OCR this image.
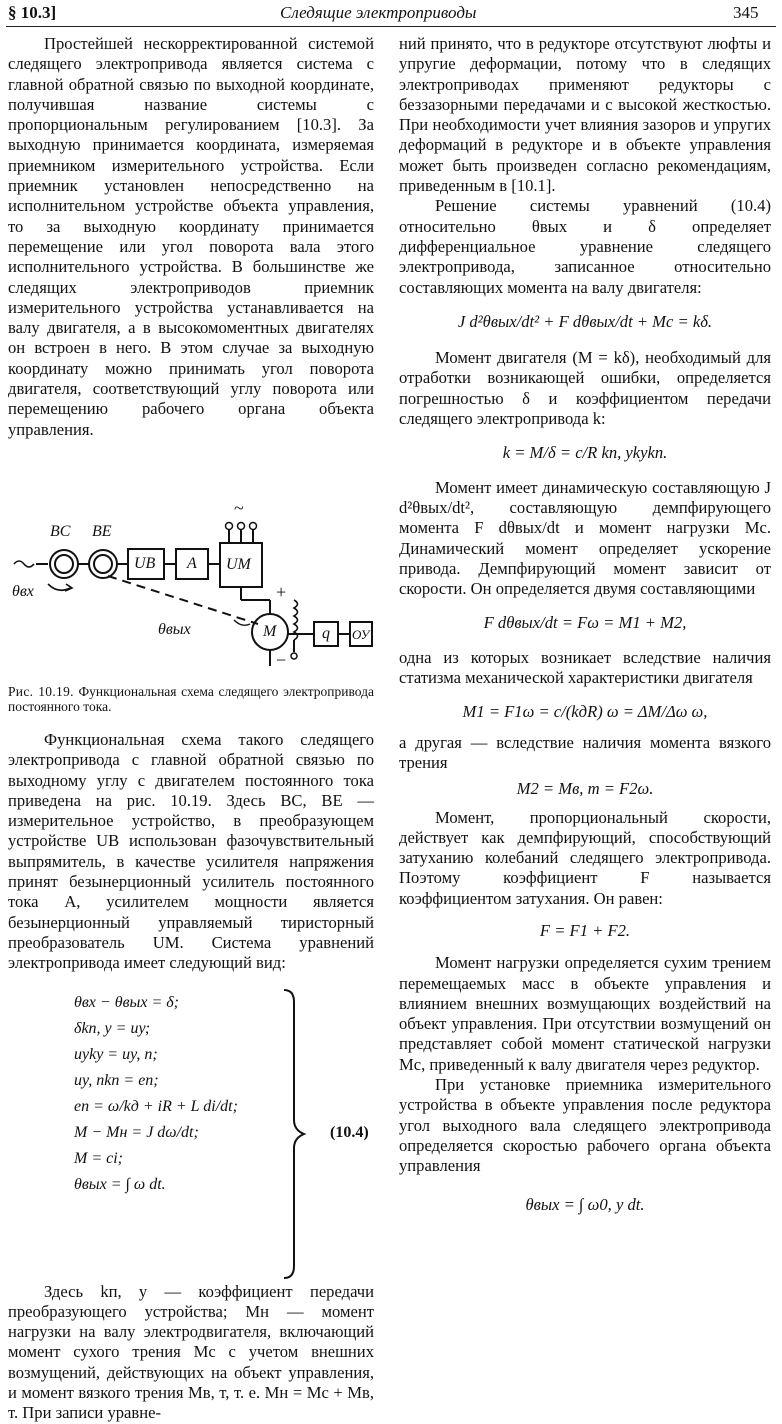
§ 10.3]	Следящие электроприводы	345

Простейшей нескорректированной системой следящего электропривода является система с главной обратной связью по выходной координате, получившая название системы с пропорциональным регулированием [10.3]. За выходную принимается координата, измеряемая приемником измерительного устройства. Если приемник установлен непосредственно на исполнительном устройстве объекта управления, то за выходную координату принимается перемещение или угол поворота вала этого исполнительного устройства. В большинстве же следящих электроприводов приемник измерительного устройства устанавливается на валу двигателя, а в высокомоментных двигателях он встроен в него. В этом случае за выходную координату можно принимать угол поворота двигателя, соответствующий углу поворота или перемещению рабочего органа объекта управления.

BC BE
UB A UM
~
M
+
−
q ОУ
θвх
θвых
Рис. 10.19. Функциональная схема следящего электропривода постоянного тока.

Функциональная схема такого следящего электропривода с главной обратной связью по выходному углу с двигателем постоянного тока приведена на рис. 10.19. Здесь BC, BE — измерительное устройство, в преобразующем устройстве UB использован фазочувствительный выпрямитель, в качестве усилителя напряжения принят безынерционный усилитель постоянного тока A, усилителем мощности является безынерционный управляемый тиристорный преобразователь UM. Система уравнений электропривода имеет следующий вид:

θвх − θвых = δ;
δkп, у = uу;
uуkу = uу, п;
uу, пkп = eп;
eп = ω/kд + iR + L di/dt;
M − Mн = J dω/dt;
M = ci;
θвых = ∫ ω dt.
(10.4)

Здесь kп, у — коэффициент передачи преобразующего устройства; Mн — момент нагрузки на валу электродвигателя, включающий момент сухого трения Mс с учетом внешних возмущений, действующих на объект управления, и момент вязкого трения Mв, т, т. е. Mн = Mс + Mв, т. При записи уравне-

ний принято, что в редукторе отсутствуют люфты и упругие деформации, потому что в следящих электроприводах применяют редукторы с беззазорными передачами и с высокой жесткостью. При необходимости учет влияния зазоров и упругих деформаций в редукторе и в объекте управления может быть произведен согласно рекомендациям, приведенным в [10.1].

Решение системы уравнений (10.4) относительно θвых и δ определяет дифференциальное уравнение следящего электропривода, записанное относительно составляющих момента на валу двигателя:

J d²θвых/dt² + F dθвых/dt + Mс = kδ.

Момент двигателя (M = kδ), необходимый для отработки возникающей ошибки, определяется погрешностью δ и коэффициентом передачи следящего электропривода k:

k = M/δ = c/R kп, уkуkп.

Момент имеет динамическую составляющую J d²θвых/dt², составляющую демпфирующего момента F dθвых/dt и момент нагрузки Mс. Динамический момент определяет ускорение привода. Демпфирующий момент зависит от скорости. Он определяется двумя составляющими

F dθвых/dt = Fω = M1 + M2,

одна из которых возникает вследствие наличия статизма механической характеристики двигателя

M1 = F1ω = c/(kдR) ω = ΔM/Δω ω,

а другая — вследствие наличия момента вязкого трения

M2 = Mв, т = F2ω.

Момент, пропорциональный скорости, действует как демпфирующий, способствующий затуханию колебаний следящего электропривода. Поэтому коэффициент F называется коэффициентом затухания. Он равен:

F = F1 + F2.

Момент нагрузки определяется сухим трением перемещаемых масс в объекте управления и влиянием внешних возмущающих воздействий на объект управления. При отсутствии возмущений он представляет собой момент статической нагрузки Mс, приведенный к валу двигателя через редуктор.

При установке приемника измерительного устройства в объекте управления после редуктора угол выходного вала следящего электропривода определяется скоростью рабочего органа объекта управления

θвых = ∫ ω0, у dt.
